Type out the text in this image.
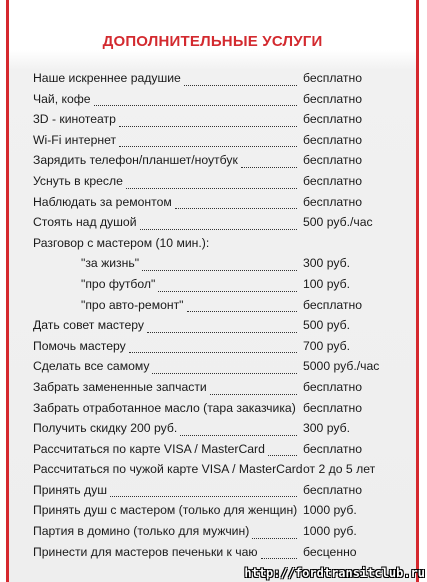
ДОПОЛНИТЕЛЬНЫЕ УСЛУГИ
Наше искреннее радушие	бесплатно
Чай, кофе	бесплатно
3D - кинотеатр	бесплатно
Wi-Fi интернет	бесплатно
Зарядить телефон/планшет/ноутбук	бесплатно
Уснуть в кресле	бесплатно
Наблюдать за ремонтом	бесплатно
Стоять над душой	500 руб./час
Разговор с мастером (10 мин.):
"за жизнь"	300 руб.
"про футбол"	100 руб.
"про авто-ремонт"	бесплатно
Дать совет мастеру	500 руб.
Помочь мастеру	700 руб.
Сделать все самому	5000 руб./час
Забрать замененные запчасти	бесплатно
Забрать отработанное масло (тара заказчика) бесплатно
Получить скидку 200 руб.	300 руб.
Рассчитаться по карте VISA / MasterCard	бесплатно
Рассчитаться по чужой карте VISA / MasterCard от 2 до 5 лет
Принять душ	бесплатно
Принять душ с мастером (только для женщин) 1000 руб.
Партия в домино (только для мужчин)	1000 руб.
Принести для мастеров печеньки к чаю	бесценно
http://fordtransitclub.ru
